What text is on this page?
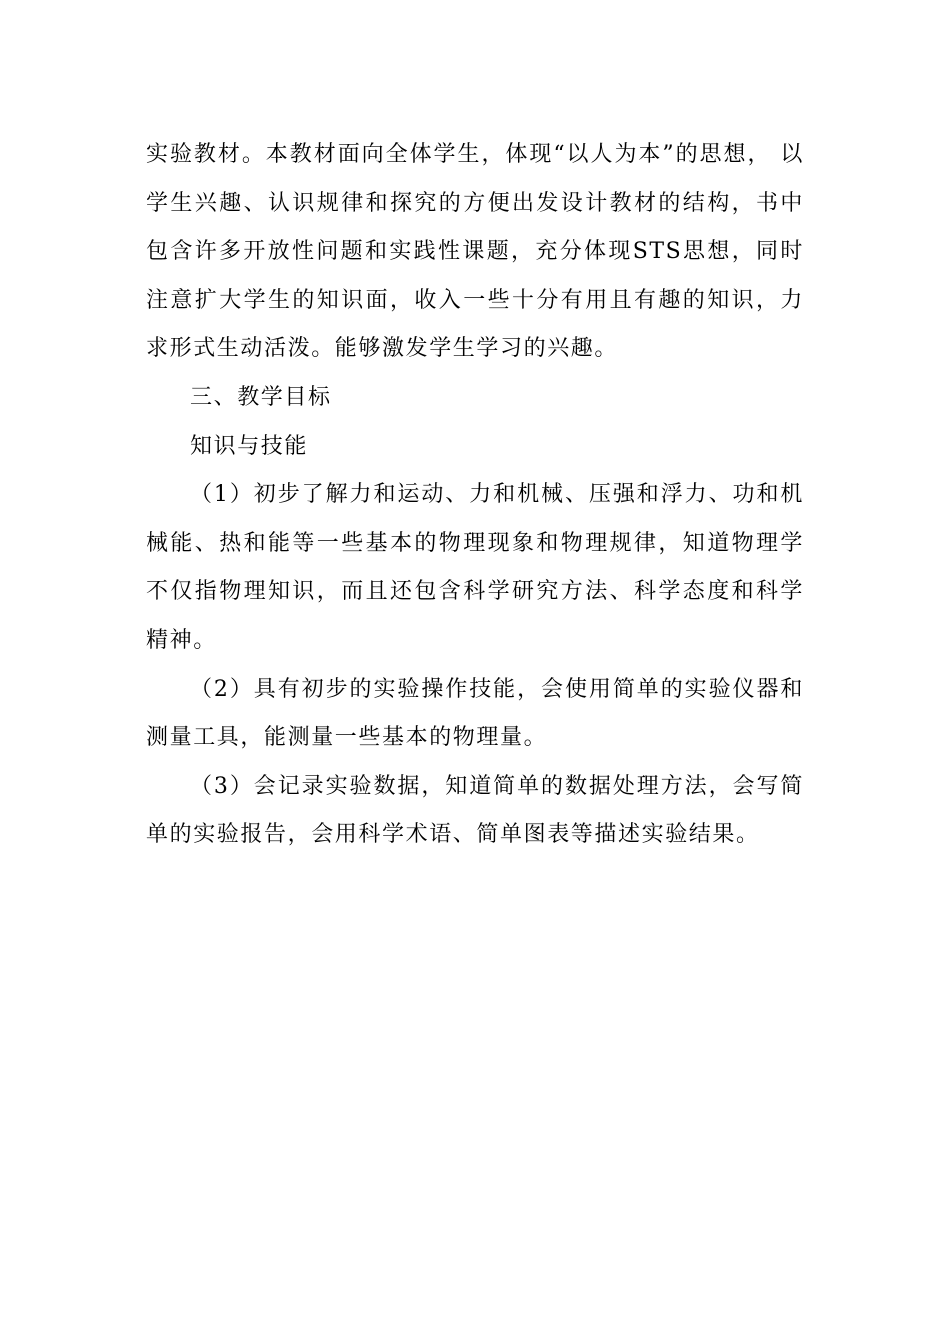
实验教材。本教材面向全体学生，体现“以人为本”的思想， 以学生兴趣、认识规律和探究的方便出发设计教材的结构，书中包含许多开放性问题和实践性课题，充分体现STS思想，同时注意扩大学生的知识面，收入一些十分有用且有趣的知识，力求形式生动活泼。能够激发学生学习的兴趣。

三、教学目标

知识与技能

（1）初步了解力和运动、力和机械、压强和浮力、功和机械能、热和能等一些基本的物理现象和物理规律，知道物理学不仅指物理知识，而且还包含科学研究方法、科学态度和科学精神。

（2）具有初步的实验操作技能，会使用简单的实验仪器和测量工具，能测量一些基本的物理量。

（3）会记录实验数据，知道简单的数据处理方法，会写简单的实验报告，会用科学术语、简单图表等描述实验结果。
